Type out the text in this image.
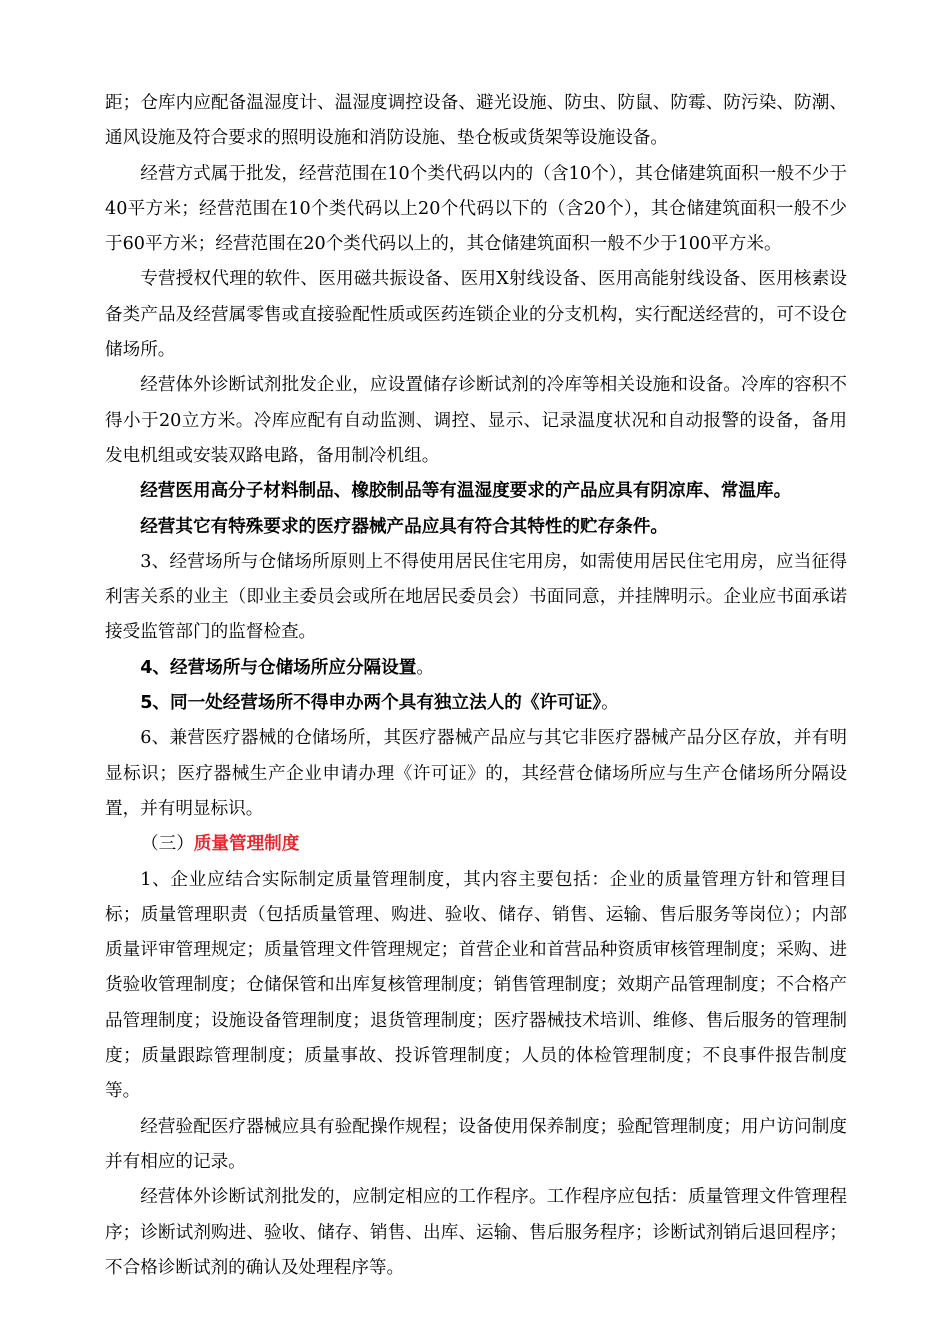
距；仓库内应配备温湿度计、温湿度调控设备、避光设施、防虫、防鼠、防霉、防污染、防潮、通风设施及符合要求的照明设施和消防设施、垫仓板或货架等设施设备。

经营方式属于批发，经营范围在10个类代码以内的（含10个），其仓储建筑面积一般不少于40平方米；经营范围在10个类代码以上20个代码以下的（含20个），其仓储建筑面积一般不少于60平方米；经营范围在20个类代码以上的，其仓储建筑面积一般不少于100平方米。

专营授权代理的软件、医用磁共振设备、医用X射线设备、医用高能射线设备、医用核素设备类产品及经营属零售或直接验配性质或医药连锁企业的分支机构，实行配送经营的，可不设仓储场所。

经营体外诊断试剂批发企业，应设置储存诊断试剂的冷库等相关设施和设备。冷库的容积不得小于20立方米。冷库应配有自动监测、调控、显示、记录温度状况和自动报警的设备，备用发电机组或安装双路电路，备用制冷机组。

经营医用高分子材料制品、橡胶制品等有温湿度要求的产品应具有阴凉库、常温库。

经营其它有特殊要求的医疗器械产品应具有符合其特性的贮存条件。

3、经营场所与仓储场所原则上不得使用居民住宅用房，如需使用居民住宅用房，应当征得利害关系的业主（即业主委员会或所在地居民委员会）书面同意，并挂牌明示。企业应书面承诺接受监管部门的监督检查。

4、经营场所与仓储场所应分隔设置。

5、同一处经营场所不得申办两个具有独立法人的《许可证》。

6、兼营医疗器械的仓储场所，其医疗器械产品应与其它非医疗器械产品分区存放，并有明显标识；医疗器械生产企业申请办理《许可证》的，其经营仓储场所应与生产仓储场所分隔设置，并有明显标识。

（三）质量管理制度

1、企业应结合实际制定质量管理制度，其内容主要包括：企业的质量管理方针和管理目标；质量管理职责（包括质量管理、购进、验收、储存、销售、运输、售后服务等岗位）；内部质量评审管理规定；质量管理文件管理规定；首营企业和首营品种资质审核管理制度；采购、进货验收管理制度；仓储保管和出库复核管理制度；销售管理制度；效期产品管理制度；不合格产品管理制度；设施设备管理制度；退货管理制度；医疗器械技术培训、维修、售后服务的管理制度；质量跟踪管理制度；质量事故、投诉管理制度；人员的体检管理制度；不良事件报告制度等。

经营验配医疗器械应具有验配操作规程；设备使用保养制度；验配管理制度；用户访问制度并有相应的记录。

经营体外诊断试剂批发的，应制定相应的工作程序。工作程序应包括：质量管理文件管理程序；诊断试剂购进、验收、储存、销售、出库、运输、售后服务程序；诊断试剂销后退回程序；不合格诊断试剂的确认及处理程序等。
